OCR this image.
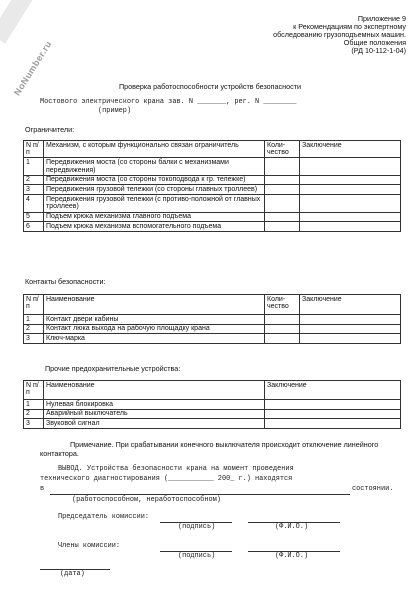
NoNumber.ru
Приложение 9
к Рекомендациям по экспертному
обследованию грузоподъемных машин.
Общие положения
(РД 10-112-1-04)
Проверка работоспособности устройств безопасности
Мостового электрического крана зав. N _______, рег. N ________
(пример)
Ограничители:
N п/п	Механизм, с которым функционально связан ограничитель	Коли-чество	Заключение
1	Передвижения моста (со стороны балки с механизмами передвижения)		
2	Передвижения моста (со стороны токоподвода к гр. тележке)		
3	Передвижения грузовой тележки (со стороны главных троллеев)		
4	Передвижения грузовой тележки (с противо-положной от главных троллеев)		
5	Подъем крюка механизма главного подъема		
6	Подъем крюка механизма вспомогательного подъема		
Контакты безопасности:
N п/п	Наименование	Коли-чество	Заключение
1	Контакт двери кабины		
2	Контакт люка выхода на рабочую площадку крана		
3	Ключ-марка		
Прочие предохранительные устройства:
N п/п	Наименование	Заключение
1	Нулевая блокировка	
2	Аварийный выключатель	
3	Звуковой сигнал	
Примечание. При срабатывании конечного выключателя происходит отключение линейного контактора.
ВЫВОД. Устройства безопасности крана на момент проведения
технического диагностирования (___________ 200_ г.) находятся
в	состоянии.
(работоспособном, неработоспособном)
Председатель комиссии:
(подпись)	(Ф.И.О.)
Члены комиссии:
(подпись)	(Ф.И.О.)
(дата)
